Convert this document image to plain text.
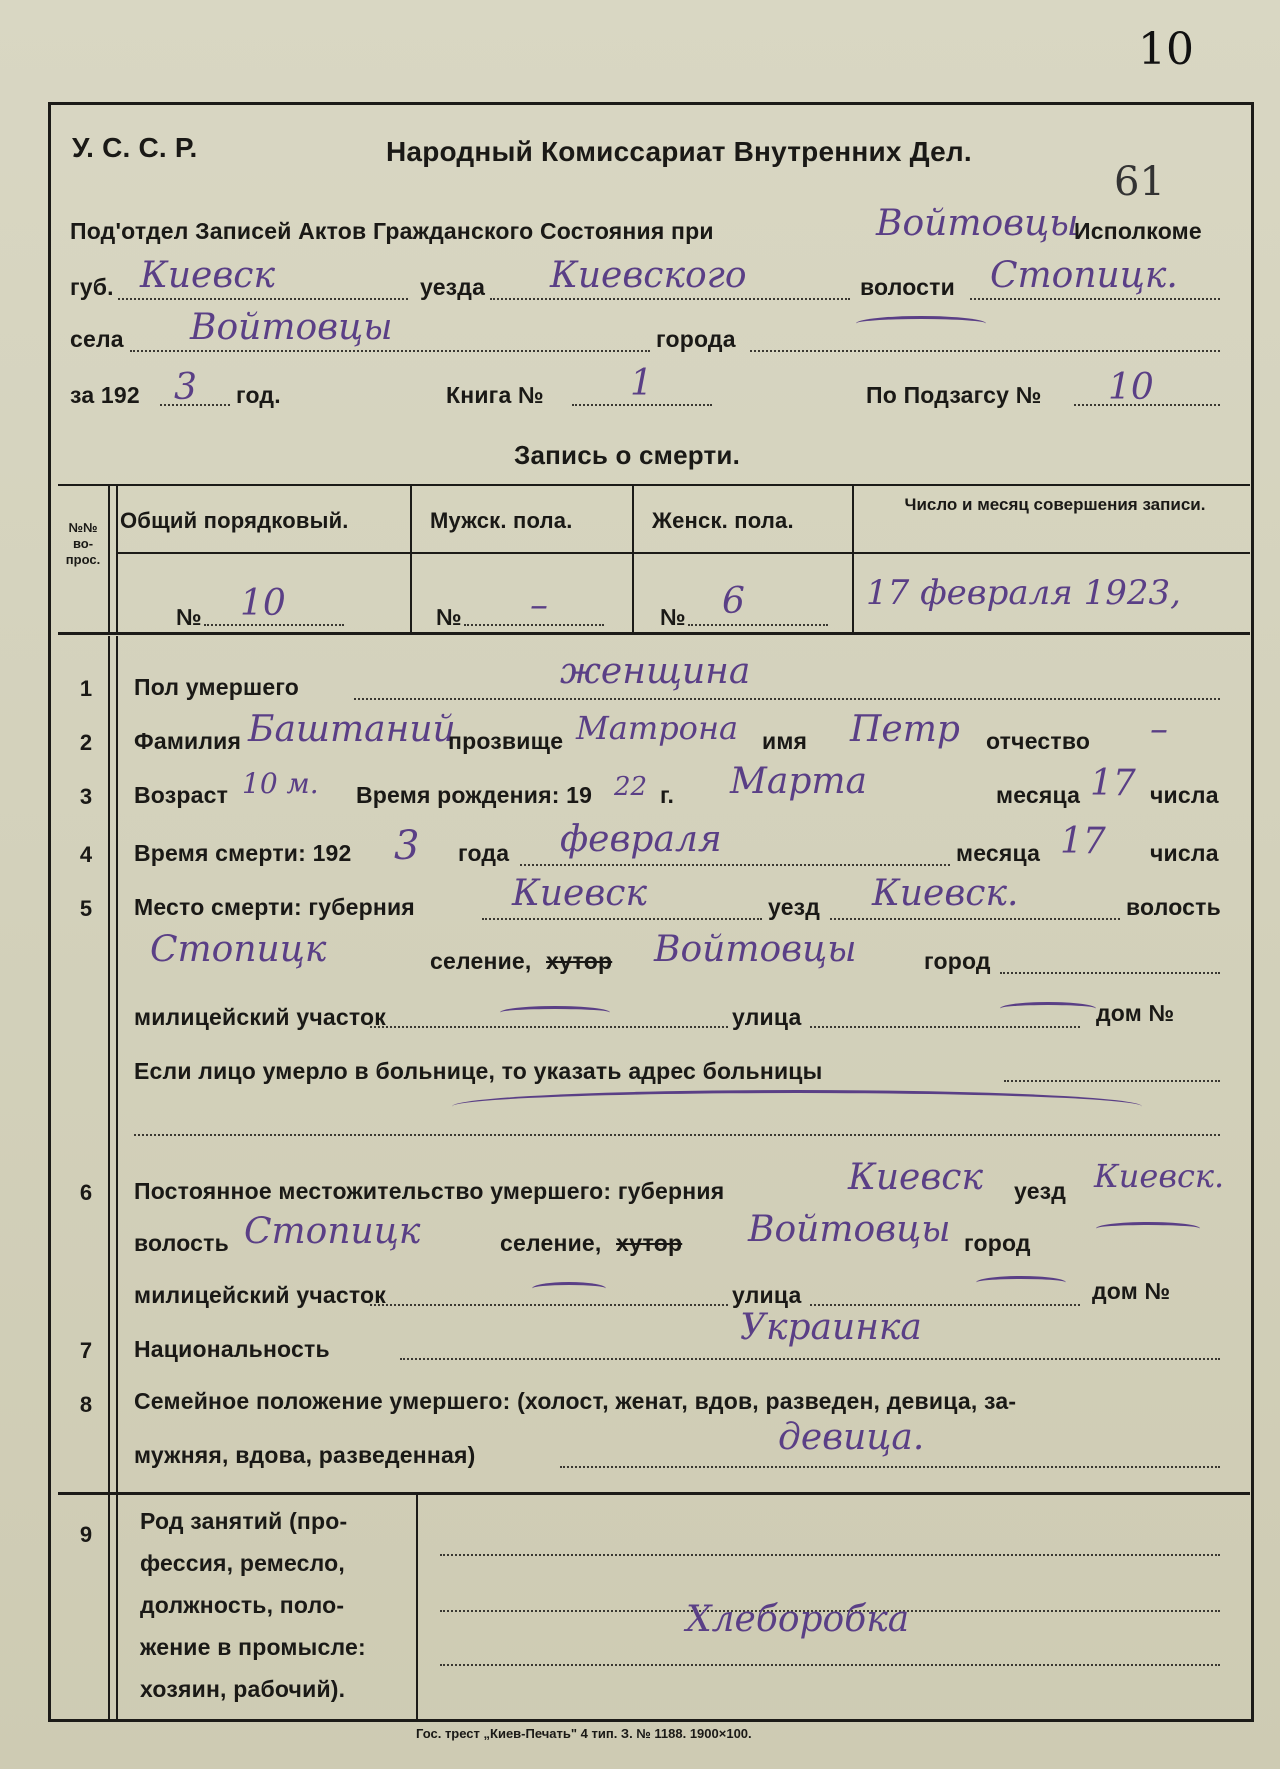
10
61
У. С. С. Р.	Народный Комиссариат Внутренних Дел.
Под'отдел Записей Актов Гражданского Состояния при	Войтовцы
Исполкоме
губ. Киевск	уезда Киевского	волости Стопицк.
села Войтовцы	города
за 192 3 год.	Книга № 1	По Подзагсу № 10
Запись о смерти.
№№ во- прос.
Общий порядковый.	Мужск. пола.	Женск. пола.
Число и месяц совершения записи.
№ 10	№ –	№ 6	17 февраля 1923,
1	Пол умершего	женщина
2	Фамилия Баштаний
прозвище Матрона имя Петр отчество –
3	Возраст 10 м. Время рождения: 19 22 г. Марта	месяца 17 числа
4	Время смерти: 192 3 года февраля	месяца 17 числа
5	Место смерти: губерния	Киевск	уезд Киевск.	волость
Стопицк	селение, хутор Войтовцы	город
милицейский участок	улица	дом №
Если лицо умерло в больнице, то указать адрес больницы
6	Постоянное местожительство умершего: губерния	Киевск уезд Киевск.
волость Стопицк	селение, хутор Войтовцы город
милицейский участок	улица	дом №
7	Национальность
Украинка
8	Семейное положение умершего: (холост, женат, вдов, разведен, девица, за-
мужняя, вдова, разведенная)	девица.
9
Род занятий (про-
фессия, ремесло,
должность, поло-
жение в промысле:
хозяин, рабочий).
Хлеборобка
Гос. трест „Киев-Печать" 4 тип. З. № 1188. 1900×100.
